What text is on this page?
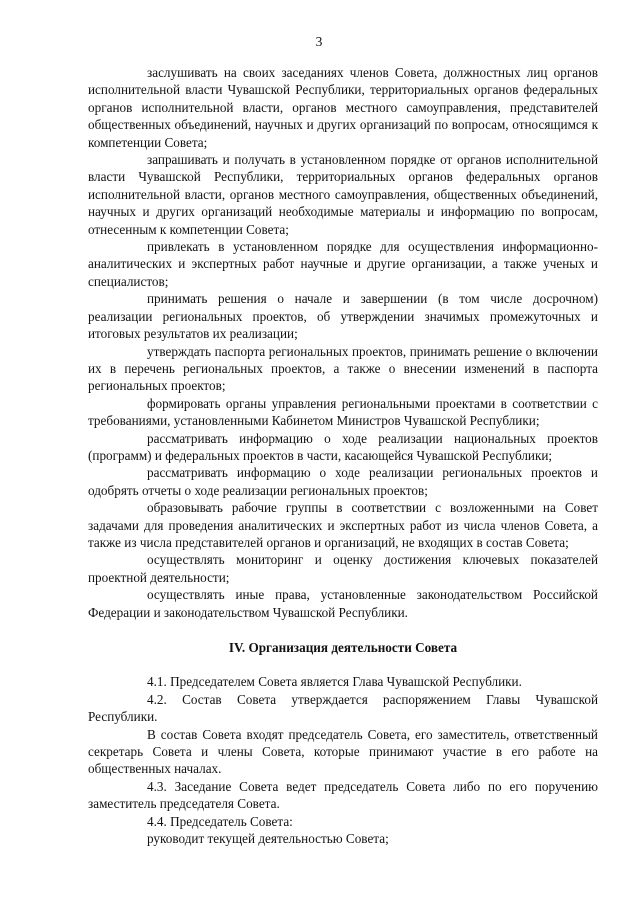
3

заслушивать на своих заседаниях членов Совета, должностных лиц органов исполнительной власти Чувашской Республики, территориальных органов федеральных органов исполнительной власти, органов местного самоуправления, представителей общественных объединений, научных и других организаций по вопросам, относящимся к компетенции Совета;

запрашивать и получать в установленном порядке от органов исполнительной власти Чувашской Республики, территориальных органов федеральных органов исполнительной власти, органов местного самоуправления, общественных объединений, научных и других организаций необходимые материалы и информацию по вопросам, отнесенным к компетенции Совета;

привлекать в установленном порядке для осуществления информационно-аналитических и экспертных работ научные и другие организации, а также ученых и специалистов;

принимать решения о начале и завершении (в том числе досрочном) реализации региональных проектов, об утверждении значимых промежуточных и итоговых результатов их реализации;

утверждать паспорта региональных проектов, принимать решение о включении их в перечень региональных проектов, а также о внесении изменений в паспорта региональных проектов;

формировать органы управления региональными проектами в соответствии с требованиями, установленными Кабинетом Министров Чувашской Республики;

рассматривать информацию о ходе реализации национальных проектов (программ) и федеральных проектов в части, касающейся Чувашской Республики;

рассматривать информацию о ходе реализации региональных проектов и одобрять отчеты о ходе реализации региональных проектов;

образовывать рабочие группы в соответствии с возложенными на Совет задачами для проведения аналитических и экспертных работ из числа членов Совета, а также из числа представителей органов и организаций, не входящих в состав Совета;

осуществлять мониторинг и оценку достижения ключевых показателей проектной деятельности;

осуществлять иные права, установленные законодательством Российской Федерации и законодательством Чувашской Республики.

IV. Организация деятельности Совета

4.1. Председателем Совета является Глава Чувашской Республики.

4.2. Состав Совета утверждается распоряжением Главы Чувашской Республики.

В состав Совета входят председатель Совета, его заместитель, ответственный секретарь Совета и члены Совета, которые принимают участие в его работе на общественных началах.

4.3. Заседание Совета ведет председатель Совета либо по его поручению заместитель председателя Совета.

4.4. Председатель Совета:

руководит текущей деятельностью Совета;
